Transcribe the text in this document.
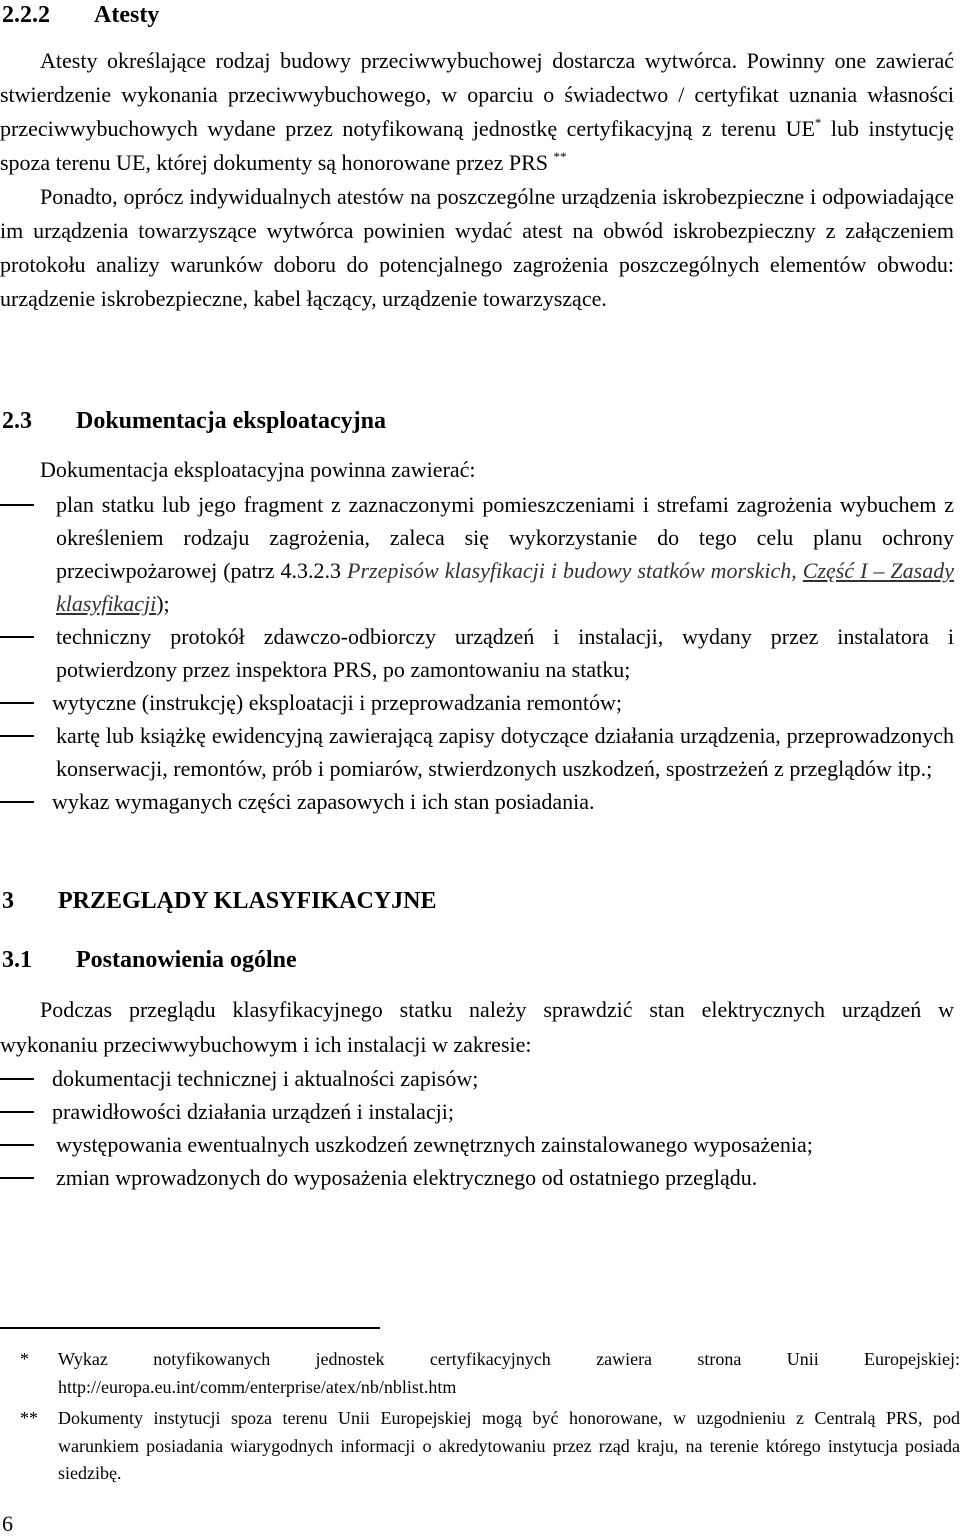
2.2.2 Atesty

Atesty określające rodzaj budowy przeciwwybuchowej dostarcza wytwórca. Powinny one zawierać stwierdzenie wykonania przeciwwybuchowego, w oparciu o świadectwo / certyfikat uznania własności przeciwwybuchowych wydane przez notyfikowaną jednostkę certyfikacyjną z terenu UE* lub instytucję spoza terenu UE, której dokumenty są honorowane przez PRS **

Ponadto, oprócz indywidualnych atestów na poszczególne urządzenia iskrobezpieczne i odpowiadające im urządzenia towarzyszące wytwórca powinien wydać atest na obwód iskrobezpieczny z załączeniem protokołu analizy warunków doboru do potencjalnego zagrożenia poszczególnych elementów obwodu: urządzenie iskrobezpieczne, kabel łączący, urządzenie towarzyszące.

2.3 Dokumentacja eksploatacyjna

Dokumentacja eksploatacyjna powinna zawierać:

plan statku lub jego fragment z zaznaczonymi pomieszczeniami i strefami zagrożenia wybuchem z określeniem rodzaju zagrożenia, zaleca się wykorzystanie do tego celu planu ochrony przeciwpożarowej (patrz 4.3.2.3 Przepisów klasyfikacji i budowy statków morskich, Część I – Zasady klasyfikacji);
techniczny protokół zdawczo-odbiorczy urządzeń i instalacji, wydany przez instalatora i potwierdzony przez inspektora PRS, po zamontowaniu na statku;
wytyczne (instrukcję) eksploatacji i przeprowadzania remontów;
kartę lub książkę ewidencyjną zawierającą zapisy dotyczące działania urządzenia, przeprowadzonych konserwacji, remontów, prób i pomiarów, stwierdzonych uszkodzeń, spostrzeżeń z przeglądów itp.;
wykaz wymaganych części zapasowych i ich stan posiadania.
3 PRZEGLĄDY KLASYFIKACYJNE
3.1 Postanowienia ogólne

Podczas przeglądu klasyfikacyjnego statku należy sprawdzić stan elektrycznych urządzeń w wykonaniu przeciwwybuchowym i ich instalacji w zakresie:

dokumentacji technicznej i aktualności zapisów;
prawidłowości działania urządzeń i instalacji;
występowania ewentualnych uszkodzeń zewnętrznych zainstalowanego wyposażenia;
zmian wprowadzonych do wyposażenia elektrycznego od ostatniego przeglądu.
* Wykaz notyfikowanych jednostek certyfikacyjnych zawiera strona Unii Europejskiej: http://europa.eu.int/comm/enterprise/atex/nb/nblist.htm
** Dokumenty instytucji spoza terenu Unii Europejskiej mogą być honorowane, w uzgodnieniu z Centralą PRS, pod warunkiem posiadania wiarygodnych informacji o akredytowaniu przez rząd kraju, na terenie którego instytucja posiada siedzibę.
6
